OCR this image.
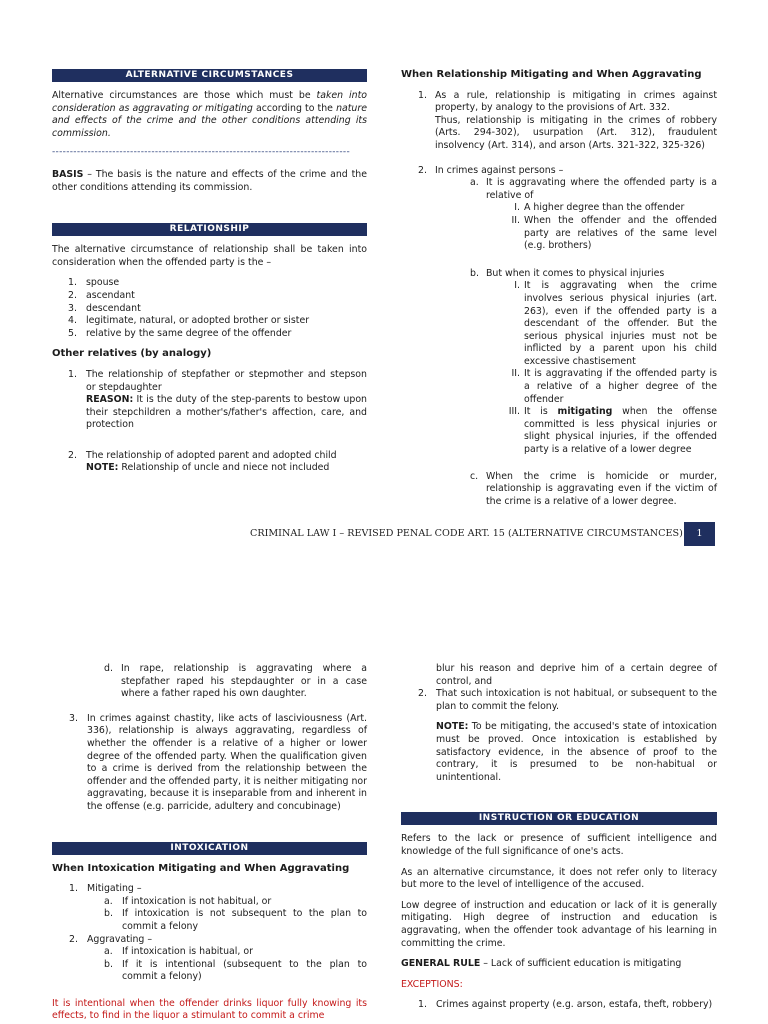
ALTERNATIVE CIRCUMSTANCES

Alternative circumstances are those which must be taken into consideration as aggravating or mitigating according to the nature and effects of the crime and the other conditions attending its commission.

------------------------------------------------------------------------------------

BASIS – The basis is the nature and effects of the crime and the other conditions attending its commission.

RELATIONSHIP

The alternative circumstance of relationship shall be taken into consideration when the offended party is the –

1. spouse
2. ascendant
3. descendant
4. legitimate, natural, or adopted brother or sister
5. relative by the same degree of the offender

Other relatives (by analogy)

1. The relationship of stepfather or stepmother and stepson or stepdaughter

REASON: It is the duty of the step-parents to bestow upon their stepchildren a mother's/father's affection, care, and protection

2. The relationship of adopted parent and adopted child

NOTE: Relationship of uncle and niece not included

When Relationship Mitigating and When Aggravating

1. As a rule, relationship is mitigating in crimes against property, by analogy to the provisions of Art. 332.

Thus, relationship is mitigating in the crimes of robbery (Arts. 294-302), usurpation (Art. 312), fraudulent insolvency (Art. 314), and arson (Arts. 321-322, 325-326)

2. In crimes against persons –

a. It is aggravating where the offended party is a relative of

I. A higher degree than the offender
II. When the offender and the offended party are relatives of the same level (e.g. brothers)
b. But when it comes to physical injuries

I. It is aggravating when the crime involves serious physical injuries (art. 263), even if the offended party is a descendant of the offender. But the serious physical injuries must not be inflicted by a parent upon his child excessive chastisement
II. It is aggravating if the offended party is a relative of a higher degree of the offender
III. It is mitigating when the offense committed is less physical injuries or slight physical injuries, if the offended party is a relative of a lower degree
c. When the crime is homicide or murder, relationship is aggravating even if the victim of the crime is a relative of a lower degree.

CRIMINAL LAW I – REVISED PENAL CODE ART. 15 (ALTERNATIVE CIRCUMSTANCES)	1
d. In rape, relationship is aggravating where a stepfather raped his stepdaughter or in a case where a father raped his own daughter.

3. In crimes against chastity, like acts of lasciviousness (Art. 336), relationship is always aggravating, regardless of whether the offender is a relative of a higher or lower degree of the offended party. When the qualification given to a crime is derived from the relationship between the offender and the offended party, it is neither mitigating nor aggravating, because it is inseparable from and inherent in the offense (e.g. parricide, adultery and concubinage)

INTOXICATION

When Intoxication Mitigating and When Aggravating

1. Mitigating –
a. If intoxication is not habitual, or
b. If intoxication is not subsequent to the plan to commit a felony
2. Aggravating –
a. If intoxication is habitual, or
b. If it is intentional (subsequent to the plan to commit a felony)

It is intentional when the offender drinks liquor fully knowing its effects, to find in the liquor a stimulant to commit a crime

blur his reason and deprive him of a certain degree of control, and

2. That such intoxication is not habitual, or subsequent to the plan to commit the felony.

NOTE: To be mitigating, the accused's state of intoxication must be proved. Once intoxication is established by satisfactory evidence, in the absence of proof to the contrary, it is presumed to be non-habitual or unintentional.

INSTRUCTION OR EDUCATION

Refers to the lack or presence of sufficient intelligence and knowledge of the full significance of one's acts.

As an alternative circumstance, it does not refer only to literacy but more to the level of intelligence of the accused.

Low degree of instruction and education or lack of it is generally mitigating. High degree of instruction and education is aggravating, when the offender took advantage of his learning in committing the crime.

GENERAL RULE – Lack of sufficient education is mitigating

EXCEPTIONS:

1. Crimes against property (e.g. arson, estafa, theft, robbery)
